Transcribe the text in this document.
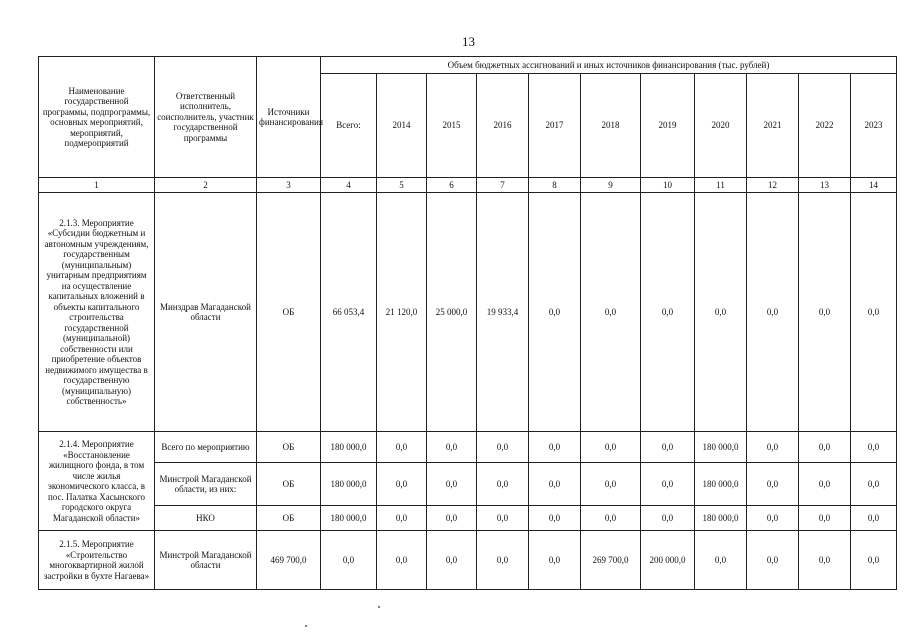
13
Наименование государственной программы, подпрограммы, основных мероприятий, мероприятий, подмероприятий	Ответственный исполнитель, соисполнитель, участник государственной программы	Источники финансирования	Объем бюджетных ассигнований и иных источников финансирования (тыс. рублей)										
			Всего:	2014	2015	2016	2017	2018	2019	2020	2021	2022	2023
1	2	3	4	5	6	7	8	9	10	11	12	13	14
2.1.3. Мероприятие «Субсидии бюджетным и автономным учреждениям, государственным (муниципальным) унитарным предприятиям на осуществление капитальных вложений в объекты капитального строительства государственной (муниципальной) собственности или приобретение объектов недвижимого имущества в государственную (муниципальную) собственность»	Минздрав Магаданской области	ОБ	66 053,4	21 120,0	25 000,0	19 933,4	0,0	0,0	0,0	0,0	0,0	0,0	0,0
2.1.4. Мероприятие «Восстановление жилищного фонда, в том числе жилья экономического класса, в пос. Палатка Хасынского городского округа Магаданской области»	Всего по мероприятию	ОБ	180 000,0	0,0	0,0	0,0	0,0	0,0	0,0	180 000,0	0,0	0,0	0,0
	Минстрой Магаданской области, из них:	ОБ	180 000,0	0,0	0,0	0,0	0,0	0,0	0,0	180 000,0	0,0	0,0	0,0
	НКО	ОБ	180 000,0	0,0	0,0	0,0	0,0	0,0	0,0	180 000,0	0,0	0,0	0,0
2.1.5. Мероприятие «Строительство многоквартирной жилой застройки в бухте Нагаева»	Минстрой Магаданской области	469 700,0	0,0	0,0	0,0	0,0	0,0	269 700,0	200 000,0	0,0	0,0	0,0	0,0
